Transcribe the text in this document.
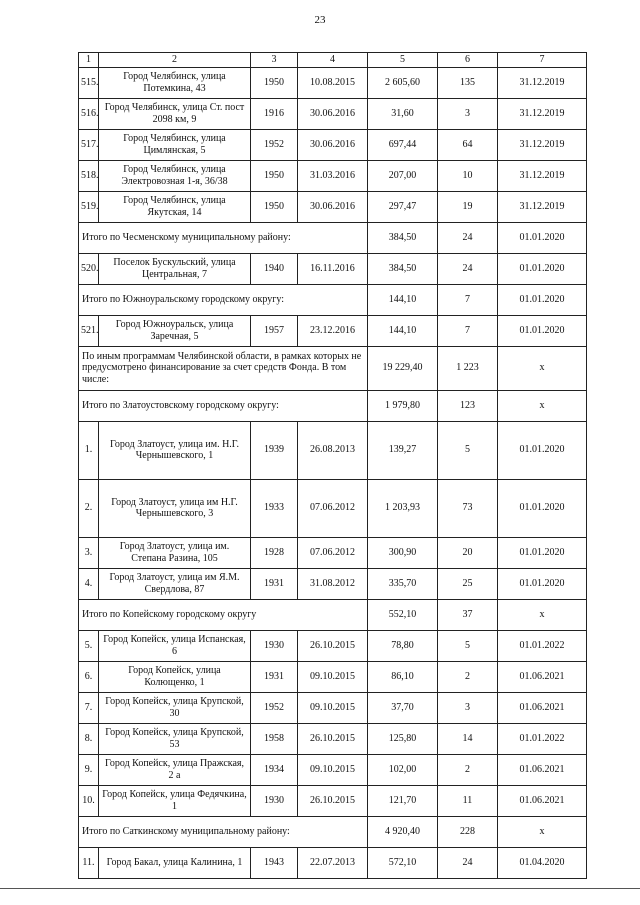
23
1	2	3	4	5	6	7
515.	Город Челябинск, улица Потемкина, 43	1950	10.08.2015	2 605,60	135	31.12.2019
516.	Город Челябинск, улица Ст. пост 2098 км, 9	1916	30.06.2016	31,60	3	31.12.2019
517.	Город Челябинск, улица Цимлянская, 5	1952	30.06.2016	697,44	64	31.12.2019
518.	Город Челябинск, улица Электровозная 1-я, 36/38	1950	31.03.2016	207,00	10	31.12.2019
519.	Город Челябинск, улица Якутская, 14	1950	30.06.2016	297,47	19	31.12.2019
Итого по Чесменскому муниципальному району:				384,50	24	01.01.2020
520.	Поселок Бускульский, улица Центральная, 7	1940	16.11.2016	384,50	24	01.01.2020
Итого по Южноуральскому городскому округу:				144,10	7	01.01.2020
521.	Город Южноуральск, улица Заречная, 5	1957	23.12.2016	144,10	7	01.01.2020
По иным программам Челябинской области, в рамках которых не предусмотрено финансирование за счет средств Фонда. В том числе:				19 229,40	1 223	х
Итого по Златоустовскому городскому округу:				1 979,80	123	х
1.	Город Златоуст, улица им. Н.Г. Чернышевского, 1	1939	26.08.2013	139,27	5	01.01.2020
2.	Город Златоуст, улица им Н.Г. Чернышевского, 3	1933	07.06.2012	1 203,93	73	01.01.2020
3.	Город Златоуст, улица им. Степана Разина, 105	1928	07.06.2012	300,90	20	01.01.2020
4.	Город Златоуст, улица им Я.М. Свердлова, 87	1931	31.08.2012	335,70	25	01.01.2020
Итого по Копейскому городскому округу				552,10	37	х
5.	Город Копейск, улица Испанская, 6	1930	26.10.2015	78,80	5	01.01.2022
6.	Город Копейск, улица Колющенко, 1	1931	09.10.2015	86,10	2	01.06.2021
7.	Город Копейск, улица Крупской, 30	1952	09.10.2015	37,70	3	01.06.2021
8.	Город Копейск, улица Крупской, 53	1958	26.10.2015	125,80	14	01.01.2022
9.	Город Копейск, улица Пражская, 2 а	1934	09.10.2015	102,00	2	01.06.2021
10.	Город Копейск, улица Федячкина, 1	1930	26.10.2015	121,70	11	01.06.2021
Итого по Саткинскому муниципальному району:				4 920,40	228	х
11.	Город Бакал, улица Калинина, 1	1943	22.07.2013	572,10	24	01.04.2020
